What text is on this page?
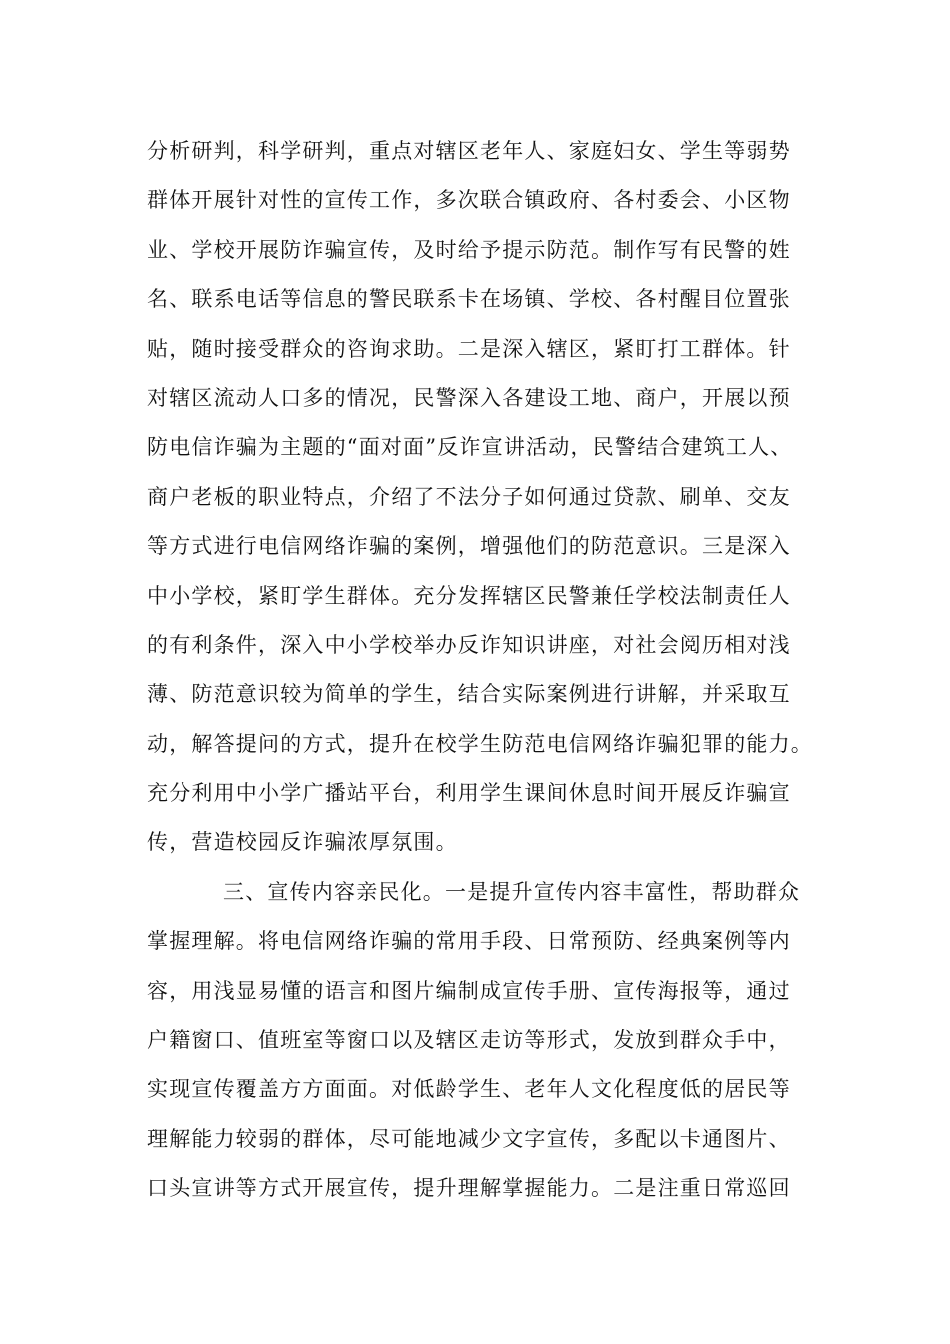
分析研判，科学研判，重点对辖区老年人、家庭妇女、学生等弱势
群体开展针对性的宣传工作，多次联合镇政府、各村委会、小区物
业、学校开展防诈骗宣传，及时给予提示防范。制作写有民警的姓
名、联系电话等信息的警民联系卡在场镇、学校、各村醒目位置张
贴，随时接受群众的咨询求助。二是深入辖区，紧盯打工群体。针
对辖区流动人口多的情况，民警深入各建设工地、商户，开展以预
防电信诈骗为主题的“面对面”反诈宣讲活动，民警结合建筑工人、
商户老板的职业特点，介绍了不法分子如何通过贷款、刷单、交友
等方式进行电信网络诈骗的案例，增强他们的防范意识。三是深入
中小学校，紧盯学生群体。充分发挥辖区民警兼任学校法制责任人
的有利条件，深入中小学校举办反诈知识讲座，对社会阅历相对浅
薄、防范意识较为简单的学生，结合实际案例进行讲解，并采取互
动，解答提问的方式，提升在校学生防范电信网络诈骗犯罪的能力。
充分利用中小学广播站平台，利用学生课间休息时间开展反诈骗宣
传，营造校园反诈骗浓厚氛围。
三、宣传内容亲民化。一是提升宣传内容丰富性，帮助群众
掌握理解。将电信网络诈骗的常用手段、日常预防、经典案例等内
容，用浅显易懂的语言和图片编制成宣传手册、宣传海报等，通过
户籍窗口、值班室等窗口以及辖区走访等形式，发放到群众手中，
实现宣传覆盖方方面面。对低龄学生、老年人文化程度低的居民等
理解能力较弱的群体，尽可能地减少文字宣传，多配以卡通图片、
口头宣讲等方式开展宣传，提升理解掌握能力。二是注重日常巡回
